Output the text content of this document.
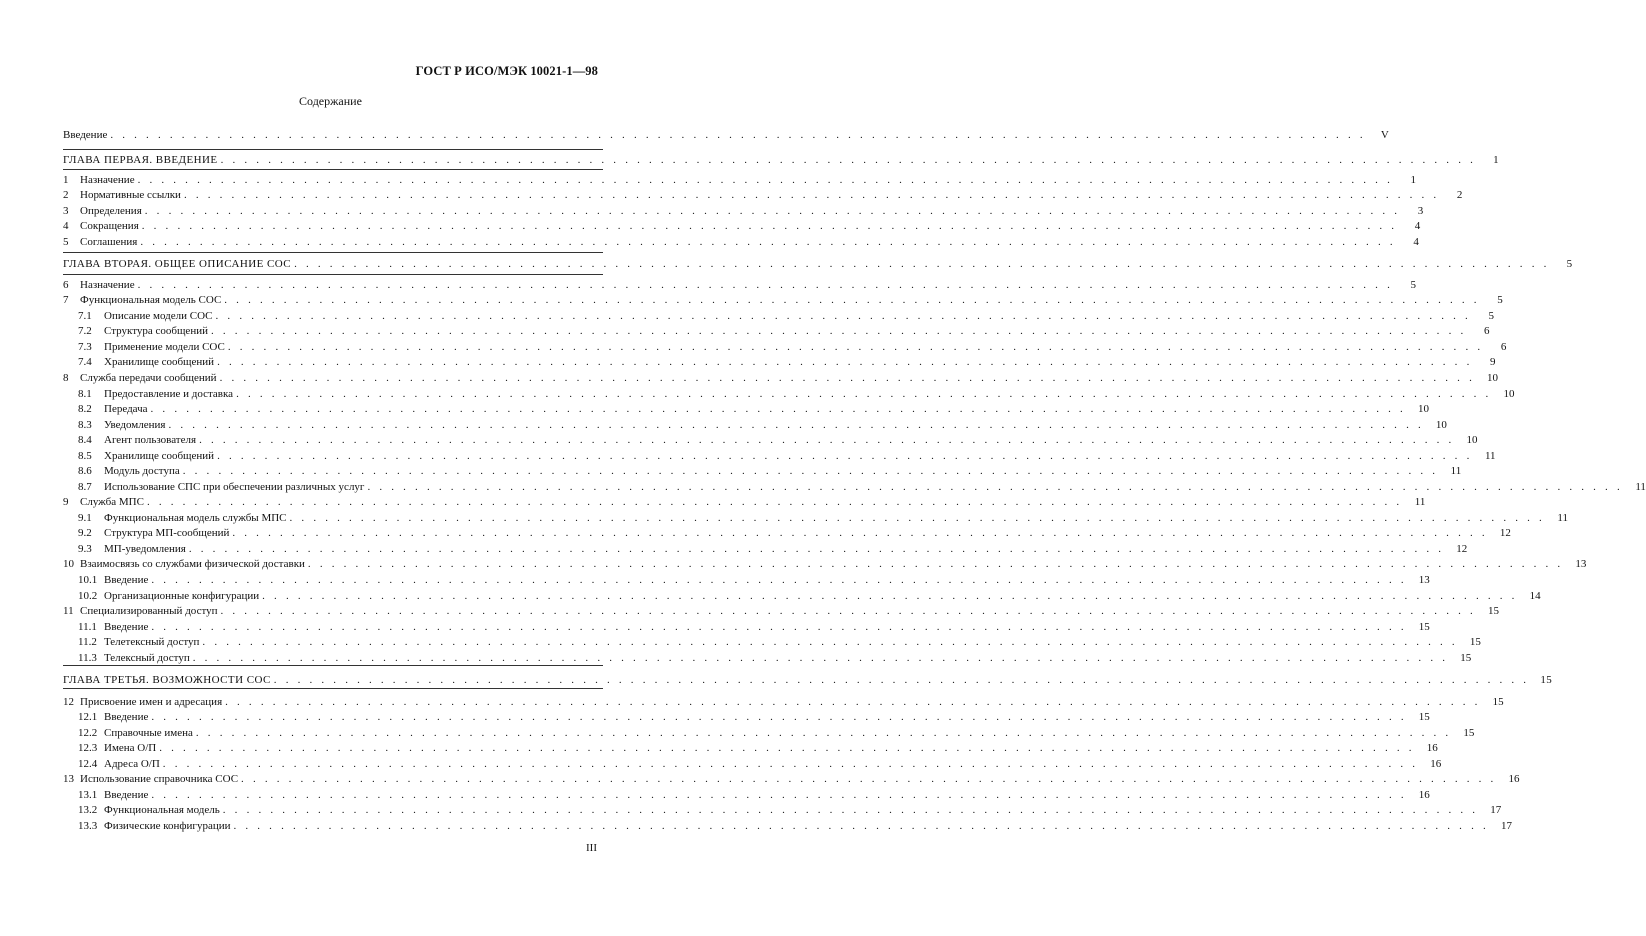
ГОСТ Р ИСО/МЭК 10021-1—98
Содержание
Введение . . . . . . . . . . . . . . . . . . . . . . . . . . . . . . . . . . . . . . . . . . . . . . . . . . . . . . . . . . . . . . . . . . . . . . . . . . . . . . . . . . . . . . . . . . . . . . . . . . . . . . . . . .	V
ГЛАВА ПЕРВАЯ. ВВЕДЕНИЕ . . . . . . . . . . . . . . . . . . . . . . . . . . . . . . . . . . . . . . . . . . . . . . . . . . . . . . . . . . . . . . . . . . . . . . . . . . . . . . . . . . . . . . . . . . . . . . . . . . . . . . . . . .	1
1	Назначение . . . . . . . . . . . . . . . . . . . . . . . . . . . . . . . . . . . . . . . . . . . . . . . . . . . . . . . . . . . . . . . . . . . . . . . . . . . . . . . . . . . . . . . . . . . . . . . . . . . . . . . . . .	1
2	Нормативные ссылки . . . . . . . . . . . . . . . . . . . . . . . . . . . . . . . . . . . . . . . . . . . . . . . . . . . . . . . . . . . . . . . . . . . . . . . . . . . . . . . . . . . . . . . . . . . . . . . . . . . . . . . . . .	2
3	Определения . . . . . . . . . . . . . . . . . . . . . . . . . . . . . . . . . . . . . . . . . . . . . . . . . . . . . . . . . . . . . . . . . . . . . . . . . . . . . . . . . . . . . . . . . . . . . . . . . . . . . . . . . .	3
4	Сокращения . . . . . . . . . . . . . . . . . . . . . . . . . . . . . . . . . . . . . . . . . . . . . . . . . . . . . . . . . . . . . . . . . . . . . . . . . . . . . . . . . . . . . . . . . . . . . . . . . . . . . . . . . .	4
5	Соглашения . . . . . . . . . . . . . . . . . . . . . . . . . . . . . . . . . . . . . . . . . . . . . . . . . . . . . . . . . . . . . . . . . . . . . . . . . . . . . . . . . . . . . . . . . . . . . . . . . . . . . . . . . .	4
ГЛАВА ВТОРАЯ. ОБЩЕЕ ОПИСАНИЕ СОС . . . . . . . . . . . . . . . . . . . . . . . . . . . . . . . . . . . . . . . . . . . . . . . . . . . . . . . . . . . . . . . . . . . . . . . . . . . . . . . . . . . . . . . . . . . . . . . . . . . . . . . . . .	5
6	Назначение . . . . . . . . . . . . . . . . . . . . . . . . . . . . . . . . . . . . . . . . . . . . . . . . . . . . . . . . . . . . . . . . . . . . . . . . . . . . . . . . . . . . . . . . . . . . . . . . . . . . . . . . . .	5
7	Функциональная модель СОС . . . . . . . . . . . . . . . . . . . . . . . . . . . . . . . . . . . . . . . . . . . . . . . . . . . . . . . . . . . . . . . . . . . . . . . . . . . . . . . . . . . . . . . . . . . . . . . . . . . . . . . . . .	5
7.1	Описание модели СОС . . . . . . . . . . . . . . . . . . . . . . . . . . . . . . . . . . . . . . . . . . . . . . . . . . . . . . . . . . . . . . . . . . . . . . . . . . . . . . . . . . . . . . . . . . . . . . . . . . . . . . . . . .	5
7.2	Структура сообщений . . . . . . . . . . . . . . . . . . . . . . . . . . . . . . . . . . . . . . . . . . . . . . . . . . . . . . . . . . . . . . . . . . . . . . . . . . . . . . . . . . . . . . . . . . . . . . . . . . . . . . . . . .	6
7.3	Применение модели СОС . . . . . . . . . . . . . . . . . . . . . . . . . . . . . . . . . . . . . . . . . . . . . . . . . . . . . . . . . . . . . . . . . . . . . . . . . . . . . . . . . . . . . . . . . . . . . . . . . . . . . . . . . .	6
7.4	Хранилище сообщений . . . . . . . . . . . . . . . . . . . . . . . . . . . . . . . . . . . . . . . . . . . . . . . . . . . . . . . . . . . . . . . . . . . . . . . . . . . . . . . . . . . . . . . . . . . . . . . . . . . . . . . . . .	9
8	Служба передачи сообщений . . . . . . . . . . . . . . . . . . . . . . . . . . . . . . . . . . . . . . . . . . . . . . . . . . . . . . . . . . . . . . . . . . . . . . . . . . . . . . . . . . . . . . . . . . . . . . . . . . . . . . . . . .	10
8.1	Предоставление и доставка . . . . . . . . . . . . . . . . . . . . . . . . . . . . . . . . . . . . . . . . . . . . . . . . . . . . . . . . . . . . . . . . . . . . . . . . . . . . . . . . . . . . . . . . . . . . . . . . . . . . . . . . . .	10
8.2	Передача . . . . . . . . . . . . . . . . . . . . . . . . . . . . . . . . . . . . . . . . . . . . . . . . . . . . . . . . . . . . . . . . . . . . . . . . . . . . . . . . . . . . . . . . . . . . . . . . . . . . . . . . . .	10
8.3	Уведомления . . . . . . . . . . . . . . . . . . . . . . . . . . . . . . . . . . . . . . . . . . . . . . . . . . . . . . . . . . . . . . . . . . . . . . . . . . . . . . . . . . . . . . . . . . . . . . . . . . . . . . . . . .	10
8.4	Агент пользователя . . . . . . . . . . . . . . . . . . . . . . . . . . . . . . . . . . . . . . . . . . . . . . . . . . . . . . . . . . . . . . . . . . . . . . . . . . . . . . . . . . . . . . . . . . . . . . . . . . . . . . . . . .	10
8.5	Хранилище сообщений . . . . . . . . . . . . . . . . . . . . . . . . . . . . . . . . . . . . . . . . . . . . . . . . . . . . . . . . . . . . . . . . . . . . . . . . . . . . . . . . . . . . . . . . . . . . . . . . . . . . . . . . . .	11
8.6	Модуль доступа . . . . . . . . . . . . . . . . . . . . . . . . . . . . . . . . . . . . . . . . . . . . . . . . . . . . . . . . . . . . . . . . . . . . . . . . . . . . . . . . . . . . . . . . . . . . . . . . . . . . . . . . . .	11
8.7	Использование СПС при обеспечении различных услуг . . . . . . . . . . . . . . . . . . . . . . . . . . . . . . . . . . . . . . . . . . . . . . . . . . . . . . . . . . . . . . . . . . . . . . . . . . . . . . . . . . . . . . . . . . . . . . . . . . . . . . . . . .	11
9	Служба МПС . . . . . . . . . . . . . . . . . . . . . . . . . . . . . . . . . . . . . . . . . . . . . . . . . . . . . . . . . . . . . . . . . . . . . . . . . . . . . . . . . . . . . . . . . . . . . . . . . . . . . . . . . .	11
9.1	Функциональная модель службы МПС . . . . . . . . . . . . . . . . . . . . . . . . . . . . . . . . . . . . . . . . . . . . . . . . . . . . . . . . . . . . . . . . . . . . . . . . . . . . . . . . . . . . . . . . . . . . . . . . . . . . . . . . . .	11
9.2	Структура МП-сообщений . . . . . . . . . . . . . . . . . . . . . . . . . . . . . . . . . . . . . . . . . . . . . . . . . . . . . . . . . . . . . . . . . . . . . . . . . . . . . . . . . . . . . . . . . . . . . . . . . . . . . . . . . .	12
9.3	МП-уведомления . . . . . . . . . . . . . . . . . . . . . . . . . . . . . . . . . . . . . . . . . . . . . . . . . . . . . . . . . . . . . . . . . . . . . . . . . . . . . . . . . . . . . . . . . . . . . . . . . . . . . . . . . .	12
10 Взаимосвязь со службами физической доставки . . . . . . . . . . . . . . . . . . . . . . . . . . . . . . . . . . . . . . . . . . . . . . . . . . . . . . . . . . . . . . . . . . . . . . . . . . . . . . . . . . . . . . . . . . . . . . . . . . . . . . . . . .	13
10.1 Введение . . . . . . . . . . . . . . . . . . . . . . . . . . . . . . . . . . . . . . . . . . . . . . . . . . . . . . . . . . . . . . . . . . . . . . . . . . . . . . . . . . . . . . . . . . . . . . . . . . . . . . . . . .	13
10.2 Организационные конфигурации . . . . . . . . . . . . . . . . . . . . . . . . . . . . . . . . . . . . . . . . . . . . . . . . . . . . . . . . . . . . . . . . . . . . . . . . . . . . . . . . . . . . . . . . . . . . . . . . . . . . . . . . . .	14
11 Специализированный доступ . . . . . . . . . . . . . . . . . . . . . . . . . . . . . . . . . . . . . . . . . . . . . . . . . . . . . . . . . . . . . . . . . . . . . . . . . . . . . . . . . . . . . . . . . . . . . . . . . . . . . . . . . .	15
11.1 Введение . . . . . . . . . . . . . . . . . . . . . . . . . . . . . . . . . . . . . . . . . . . . . . . . . . . . . . . . . . . . . . . . . . . . . . . . . . . . . . . . . . . . . . . . . . . . . . . . . . . . . . . . . .	15
11.2 Телетексный доступ . . . . . . . . . . . . . . . . . . . . . . . . . . . . . . . . . . . . . . . . . . . . . . . . . . . . . . . . . . . . . . . . . . . . . . . . . . . . . . . . . . . . . . . . . . . . . . . . . . . . . . . . . .	15
11.3 Телексный доступ . . . . . . . . . . . . . . . . . . . . . . . . . . . . . . . . . . . . . . . . . . . . . . . . . . . . . . . . . . . . . . . . . . . . . . . . . . . . . . . . . . . . . . . . . . . . . . . . . . . . . . . . . .	15
ГЛАВА ТРЕТЬЯ. ВОЗМОЖНОСТИ СОС . . . . . . . . . . . . . . . . . . . . . . . . . . . . . . . . . . . . . . . . . . . . . . . . . . . . . . . . . . . . . . . . . . . . . . . . . . . . . . . . . . . . . . . . . . . . . . . . . . . . . . . . . .	15
12 Присвоение имен и адресация . . . . . . . . . . . . . . . . . . . . . . . . . . . . . . . . . . . . . . . . . . . . . . . . . . . . . . . . . . . . . . . . . . . . . . . . . . . . . . . . . . . . . . . . . . . . . . . . . . . . . . . . . .	15
12.1 Введение . . . . . . . . . . . . . . . . . . . . . . . . . . . . . . . . . . . . . . . . . . . . . . . . . . . . . . . . . . . . . . . . . . . . . . . . . . . . . . . . . . . . . . . . . . . . . . . . . . . . . . . . . .	15
12.2 Справочные имена . . . . . . . . . . . . . . . . . . . . . . . . . . . . . . . . . . . . . . . . . . . . . . . . . . . . . . . . . . . . . . . . . . . . . . . . . . . . . . . . . . . . . . . . . . . . . . . . . . . . . . . . . .	15
12.3 Имена О/П . . . . . . . . . . . . . . . . . . . . . . . . . . . . . . . . . . . . . . . . . . . . . . . . . . . . . . . . . . . . . . . . . . . . . . . . . . . . . . . . . . . . . . . . . . . . . . . . . . . . . . . . . .	16
12.4 Адреса О/П . . . . . . . . . . . . . . . . . . . . . . . . . . . . . . . . . . . . . . . . . . . . . . . . . . . . . . . . . . . . . . . . . . . . . . . . . . . . . . . . . . . . . . . . . . . . . . . . . . . . . . . . . .	16
13 Использование справочника СОС . . . . . . . . . . . . . . . . . . . . . . . . . . . . . . . . . . . . . . . . . . . . . . . . . . . . . . . . . . . . . . . . . . . . . . . . . . . . . . . . . . . . . . . . . . . . . . . . . . . . . . . . . .	16
13.1 Введение . . . . . . . . . . . . . . . . . . . . . . . . . . . . . . . . . . . . . . . . . . . . . . . . . . . . . . . . . . . . . . . . . . . . . . . . . . . . . . . . . . . . . . . . . . . . . . . . . . . . . . . . . .	16
13.2 Функциональная модель . . . . . . . . . . . . . . . . . . . . . . . . . . . . . . . . . . . . . . . . . . . . . . . . . . . . . . . . . . . . . . . . . . . . . . . . . . . . . . . . . . . . . . . . . . . . . . . . . . . . . . . . . .	17
13.3 Физические конфигурации . . . . . . . . . . . . . . . . . . . . . . . . . . . . . . . . . . . . . . . . . . . . . . . . . . . . . . . . . . . . . . . . . . . . . . . . . . . . . . . . . . . . . . . . . . . . . . . . . . . . . . . . . .	17
III
